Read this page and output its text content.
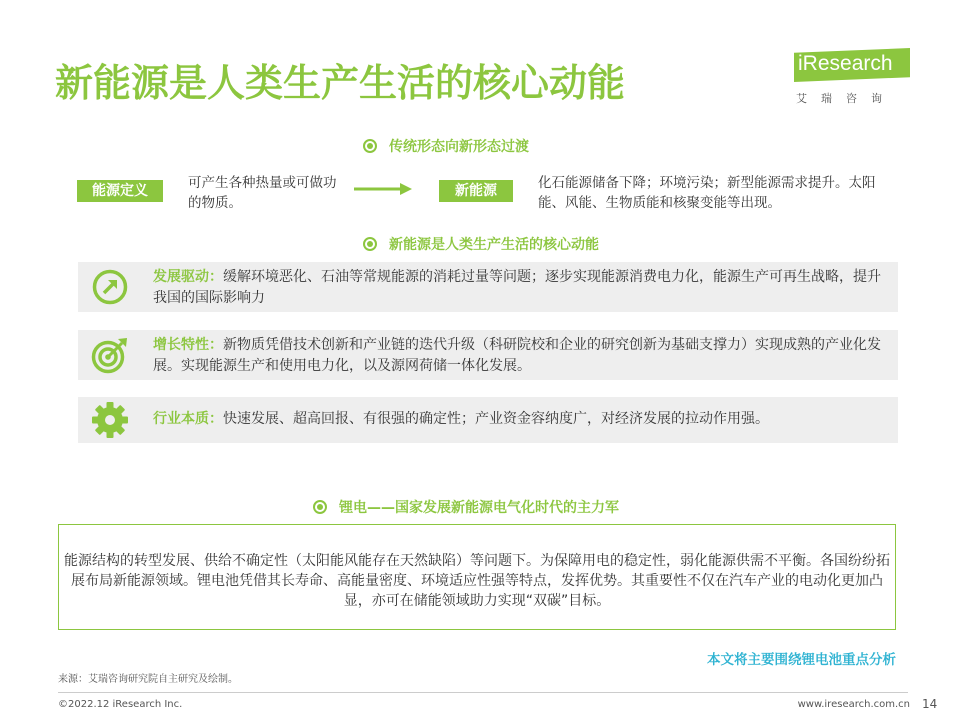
新能源是人类生产生活的核心动能	iResearch
艾瑞咨询
传统形态向新形态过渡
能源定义	可产生各种热量或可做功的物质。
新能源	化石能源储备下降；环境污染；新型能源需求提升。太阳能、风能、生物质能和核聚变能等出现。
新能源是人类生产生活的核心动能
发展驱动：缓解环境恶化、石油等常规能源的消耗过量等问题；逐步实现能源消费电力化，能源生产可再生战略，提升我国的国际影响力
增长特性：新物质凭借技术创新和产业链的迭代升级（科研院校和企业的研究创新为基础支撑力）实现成熟的产业化发展。实现能源生产和使用电力化，以及源网荷储一体化发展。
行业本质：快速发展、超高回报、有很强的确定性；产业资金容纳度广，对经济发展的拉动作用强。
锂电——国家发展新能源电气化时代的主力军
能源结构的转型发展、供给不确定性（太阳能风能存在天然缺陷）等问题下。为保障用电的稳定性，弱化能源供需不平衡。各国纷纷拓展布局新能源领域。锂电池凭借其长寿命、高能量密度、环境适应性强等特点，发挥优势。其重要性不仅在汽车产业的电动化更加凸显，亦可在储能领域助力实现“双碳”目标。
本文将主要围绕锂电池重点分析
来源：艾瑞咨询研究院自主研究及绘制。
©2022.12 iResearch Inc.	www.iresearch.com.cn 14
